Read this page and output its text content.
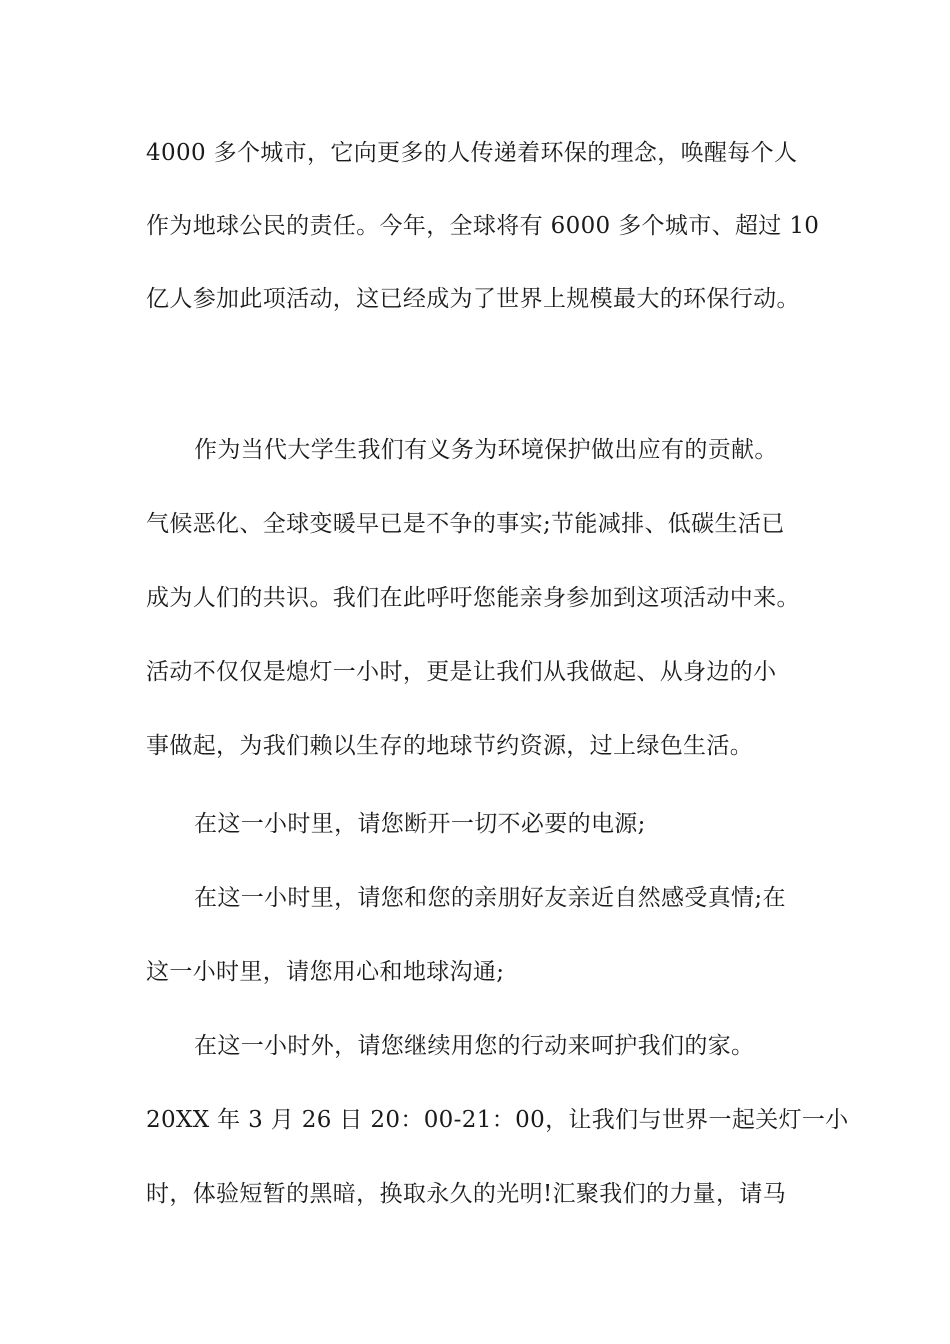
4000 多个城市，它向更多的人传递着环保的理念，唤醒每个人
作为地球公民的责任。今年，全球将有 6000 多个城市、超过 10
亿人参加此项活动，这已经成为了世界上规模最大的环保行动。
作为当代大学生我们有义务为环境保护做出应有的贡献。
气候恶化、全球变暖早已是不争的事实;节能减排、低碳生活已
成为人们的共识。我们在此呼吁您能亲身参加到这项活动中来。
活动不仅仅是熄灯一小时，更是让我们从我做起、从身边的小
事做起，为我们赖以生存的地球节约资源，过上绿色生活。
在这一小时里，请您断开一切不必要的电源;
在这一小时里，请您和您的亲朋好友亲近自然感受真情;在
这一小时里，请您用心和地球沟通;
在这一小时外，请您继续用您的行动来呵护我们的家。
20XX 年 3 月 26 日 20：00-21：00，让我们与世界一起关灯一小
时，体验短暂的黑暗，换取永久的光明!汇聚我们的力量，请马
